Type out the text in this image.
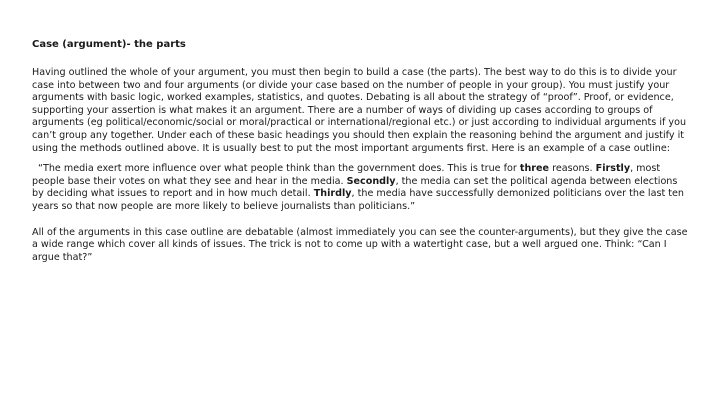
Case (argument)- the parts

Having outlined the whole of your argument, you must then begin to build a case (the parts). The best way to do this is to divide your case into between two and four arguments (or divide your case based on the number of people in your group). You must justify your arguments with basic logic, worked examples, statistics, and quotes. Debating is all about the strategy of “proof”. Proof, or evidence, supporting your assertion is what makes it an argument. There are a number of ways of dividing up cases according to groups of arguments (eg political/economic/social or moral/practical or international/regional etc.) or just according to individual arguments if you can’t group any together. Under each of these basic headings you should then explain the reasoning behind the argument and justify it using the methods outlined above. It is usually best to put the most important arguments first. Here is an example of a case outline:

“The media exert more influence over what people think than the government does. This is true for three reasons. Firstly, most people base their votes on what they see and hear in the media. Secondly, the media can set the political agenda between elections by deciding what issues to report and in how much detail. Thirdly, the media have successfully demonized politicians over the last ten years so that now people are more likely to believe journalists than politicians.”

All of the arguments in this case outline are debatable (almost immediately you can see the counter-arguments), but they give the case a wide range which cover all kinds of issues. The trick is not to come up with a watertight case, but a well argued one. Think: “Can I argue that?”
